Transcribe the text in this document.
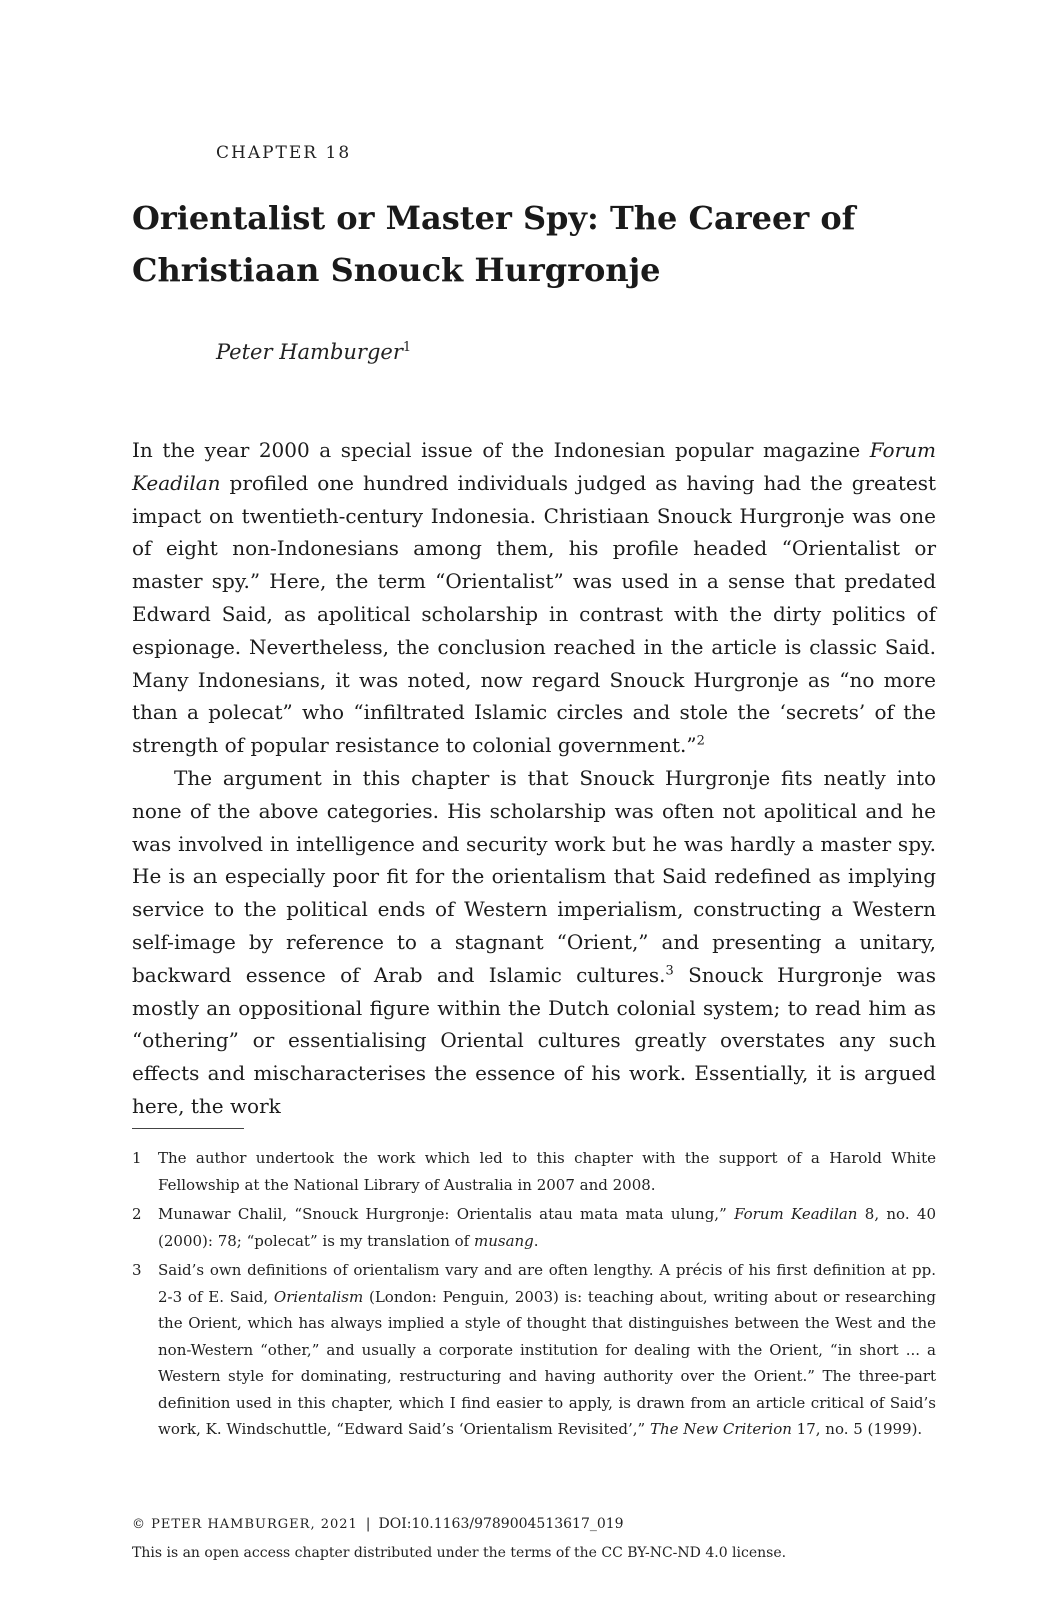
CHAPTER 18
Orientalist or Master Spy: The Career of Christiaan Snouck Hurgronje
Peter Hamburger$^1$

In the year 2000 a special issue of the Indonesian popular magazine Forum Keadilan profiled one hundred individuals judged as having had the greatest impact on twentieth-century Indonesia. Christiaan Snouck Hurgronje was one of eight non-Indonesians among them, his profile headed “Orientalist or master spy.” Here, the term “Orientalist” was used in a sense that predated Edward Said, as apolitical scholarship in contrast with the dirty politics of espionage. Nevertheless, the conclusion reached in the article is classic Said. Many Indonesians, it was noted, now regard Snouck Hurgronje as “no more than a polecat” who “infiltrated Islamic circles and stole the ‘secrets’ of the strength of popular resistance to colonial government.”$^2$

The argument in this chapter is that Snouck Hurgronje fits neatly into none of the above categories. His scholarship was often not apolitical and he was involved in intelligence and security work but he was hardly a master spy. He is an especially poor fit for the orientalism that Said redefined as implying service to the political ends of Western imperialism, constructing a Western self-image by reference to a stagnant “Orient,” and presenting a unitary, backward essence of Arab and Islamic cultures.$^3$ Snouck Hurgronje was mostly an oppositional figure within the Dutch colonial system; to read him as “othering” or essentialising Oriental cultures greatly overstates any such effects and mischaracterises the essence of his work. Essentially, it is argued here, the work

1	The author undertook the work which led to this chapter with the support of a Harold White Fellowship at the National Library of Australia in 2007 and 2008.
2	Munawar Chalil, “Snouck Hurgronje: Orientalis atau mata mata ulung,” Forum Keadilan 8, no. 40 (2000): 78; “polecat” is my translation of musang.
3	Said’s own definitions of orientalism vary and are often lengthy. A précis of his first definition at pp. 2-3 of E. Said, Orientalism (London: Penguin, 2003) is: teaching about, writing about or researching the Orient, which has always implied a style of thought that distinguishes between the West and the non-Western “other,” and usually a corporate institution for dealing with the Orient, “in short ... a Western style for dominating, restructuring and having authority over the Orient.” The three-part definition used in this chapter, which I find easier to apply, is drawn from an article critical of Said’s work, K. Windschuttle, “Edward Said’s ‘Orientalism Revisited’,” The New Criterion 17, no. 5 (1999).
© PETER HAMBURGER, 2021 | DOI:10.1163/9789004513617_019
This is an open access chapter distributed under the terms of the CC BY-NC-ND 4.0 license.
